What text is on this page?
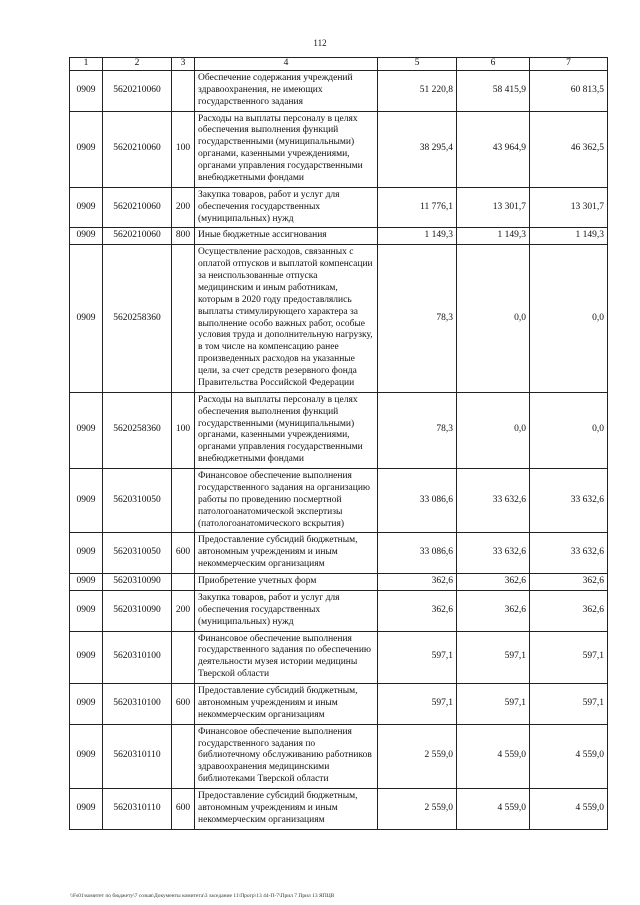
112
1	2	3	4	5	6	7
0909	5620210060		Обеспечение содержания учреждений здравоохранения, не имеющих государственного задания	51 220,8	58 415,9	60 813,5
0909	5620210060	100	Расходы на выплаты персоналу в целях обеспечения выполнения функций государственными (муниципальными) органами, казенными учреждениями, органами управления государственными внебюджетными фондами	38 295,4	43 964,9	46 362,5
0909	5620210060	200	Закупка товаров, работ и услуг для обеспечения государственных (муниципальных) нужд	11 776,1	13 301,7	13 301,7
0909	5620210060	800	Иные бюджетные ассигнования	1 149,3	1 149,3	1 149,3
0909	5620258360		Осуществление расходов, связанных с оплатой отпусков и выплатой компенсации за неиспользованные отпуска медицинским и иным работникам, которым в 2020 году предоставлялись выплаты стимулирующего характера за выполнение особо важных работ, особые условия труда и дополнительную нагрузку, в том числе на компенсацию ранее произведенных расходов на указанные цели, за счет средств резервного фонда Правительства Российской Федерации	78,3	0,0	0,0
0909	5620258360	100	Расходы на выплаты персоналу в целях обеспечения выполнения функций государственными (муниципальными) органами, казенными учреждениями, органами управления государственными внебюджетными фондами	78,3	0,0	0,0
0909	5620310050		Финансовое обеспечение выполнения государственного задания на организацию работы по проведению посмертной патологоанатомической экспертизы (патологоанатомического вскрытия)	33 086,6	33 632,6	33 632,6
0909	5620310050	600	Предоставление субсидий бюджетным, автономным учреждениям и иным некоммерческим организациям	33 086,6	33 632,6	33 632,6
0909	5620310090		Приобретение учетных форм	362,6	362,6	362,6
0909	5620310090	200	Закупка товаров, работ и услуг для обеспечения государственных (муниципальных) нужд	362,6	362,6	362,6
0909	5620310100		Финансовое обеспечение выполнения государственного задания по обеспечению деятельности музея истории медицины Тверской области	597,1	597,1	597,1
0909	5620310100	600	Предоставление субсидий бюджетным, автономным учреждениям и иным некоммерческим организациям	597,1	597,1	597,1
0909	5620310110		Финансовое обеспечение выполнения государственного задания по библиотечному обслуживанию работников здравоохранения медицинскими библиотеками Тверской области	2 559,0	4 559,0	4 559,0
0909	5620310110	600	Предоставление субсидий бюджетным, автономным учреждениям и иным некоммерческим организациям	2 559,0	4 559,0	4 559,0
\\Fs01\комитет по бюджету\7 созыв\Документы комитета\3 заседание 11\Прогр\13 44-П-7\Прил 7 Прил 13 ЯПЦВ
